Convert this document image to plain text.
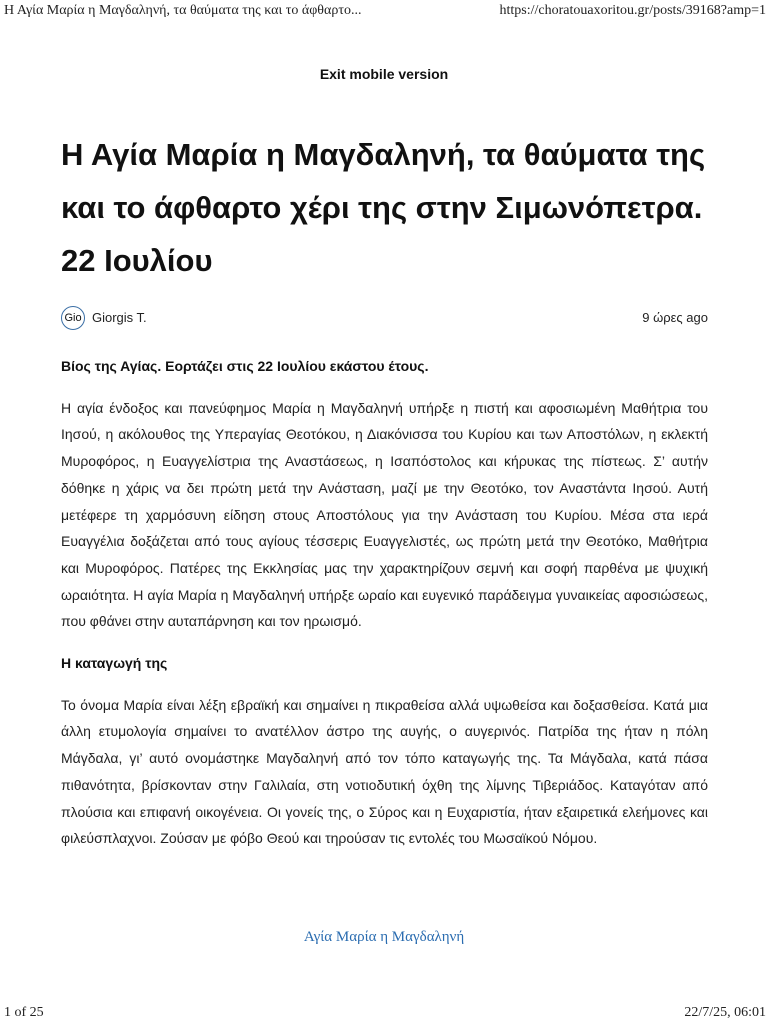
Η Αγία Μαρία η Μαγδαληνή, τα θαύματα της και το άφθαρτο...	https://choratouaxoritou.gr/posts/39168?amp=1
Exit mobile version
Η Αγία Μαρία η Μαγδαληνή, τα θαύματα της και το άφθαρτο χέρι της στην Σιμωνόπετρα. 22 Ιουλίου
Gio Giorgis T.	9 ώρες ago

Βίος της Αγίας. Εορτάζει στις 22 Ιουλίου εκάστου έτους.

Η αγία ένδοξος και πανεύφημος Μαρία η Μαγδαληνή υπήρξε η πιστή και αφοσιωμένη Μαθήτρια του Ιησού, η ακόλουθος της Υπεραγίας Θεοτόκου, η Διακόνισσα του Κυρίου και των Αποστόλων, η εκλεκτή Μυροφόρος, η Ευαγγελίστρια της Αναστάσεως, η Ισαπόστολος και κήρυκας της πίστεως. Σ’ αυτήν δόθηκε η χάρις να δει πρώτη μετά την Ανάσταση, μαζί με την Θεοτόκο, τον Αναστάντα Ιησού. Αυτή μετέφερε τη χαρμόσυνη είδηση στους Αποστόλους για την Ανάσταση του Κυρίου. Μέσα στα ιερά Ευαγγέλια δοξάζεται από τους αγίους τέσσερις Ευαγγελιστές, ως πρώτη μετά την Θεοτόκο, Μαθήτρια και Μυροφόρος. Πατέρες της Εκκλησίας μας την χαρακτηρίζουν σεμνή και σοφή παρθένα με ψυχική ωραιότητα. Η αγία Μαρία η Μαγδαληνή υπήρξε ωραίο και ευγενικό παράδειγμα γυναικείας αφοσιώσεως, που φθάνει στην αυταπάρνηση και τον ηρωισμό.

Η καταγωγή της

Το όνομα Μαρία είναι λέξη εβραϊκή και σημαίνει η πικραθείσα αλλά υψωθείσα και δοξασθείσα. Κατά μια άλλη ετυμολογία σημαίνει το ανατέλλον άστρο της αυγής, ο αυγερινός. Πατρίδα της ήταν η πόλη Μάγδαλα, γι’ αυτό ονομάστηκε Μαγδαληνή από τον τόπο καταγωγής της. Τα Μάγδαλα, κατά πάσα πιθανότητα, βρίσκονταν στην Γαλιλαία, στη νοτιοδυτική όχθη της λίμνης Τιβεριάδος. Καταγόταν από πλούσια και επιφανή οικογένεια. Οι γονείς της, ο Σύρος και η Ευχαριστία, ήταν εξαιρετικά ελεήμονες και φιλεύσπλαχνοι. Ζούσαν με φόβο Θεού και τηρούσαν τις εντολές του Μωσαϊκού Νόμου.

Αγία Μαρία η Μαγδαληνή
1 of 25	22/7/25, 06:01
